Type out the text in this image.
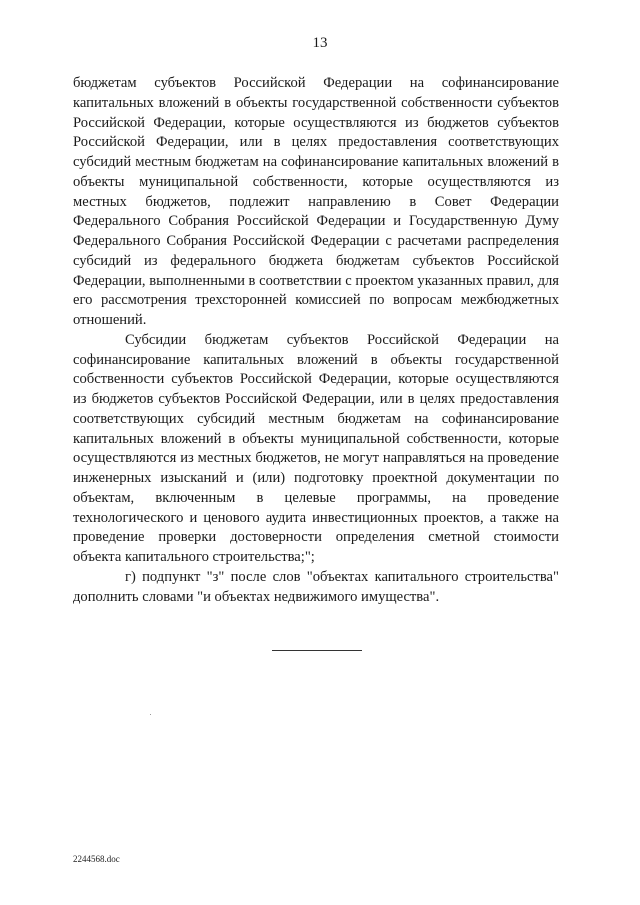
13

бюджетам субъектов Российской Федерации на софинансирование капитальных вложений в объекты государственной собственности субъектов Российской Федерации, которые осуществляются из бюджетов субъектов Российской Федерации, или в целях предоставления соответствующих субсидий местным бюджетам на софинансирование капитальных вложений в объекты муниципальной собственности, которые осуществляются из местных бюджетов, подлежит направлению в Совет Федерации Федерального Собрания Российской Федерации и Государственную Думу Федерального Собрания Российской Федерации с расчетами распределения субсидий из федерального бюджета бюджетам субъектов Российской Федерации, выполненными в соответствии с проектом указанных правил, для его рассмотрения трехсторонней комиссией по вопросам межбюджетных отношений.

Субсидии бюджетам субъектов Российской Федерации на софинансирование капитальных вложений в объекты государственной собственности субъектов Российской Федерации, которые осуществляются из бюджетов субъектов Российской Федерации, или в целях предоставления соответствующих субсидий местным бюджетам на софинансирование капитальных вложений в объекты муниципальной собственности, которые осуществляются из местных бюджетов, не могут направляться на проведение инженерных изысканий и (или) подготовку проектной документации по объектам, включенным в целевые программы, на проведение технологического и ценового аудита инвестиционных проектов, а также на проведение проверки достоверности определения сметной стоимости объекта капитального строительства;";

г) подпункт "з" после слов "объектах капитального строительства" дополнить словами "и объектах недвижимого имущества".

2244568.doc
